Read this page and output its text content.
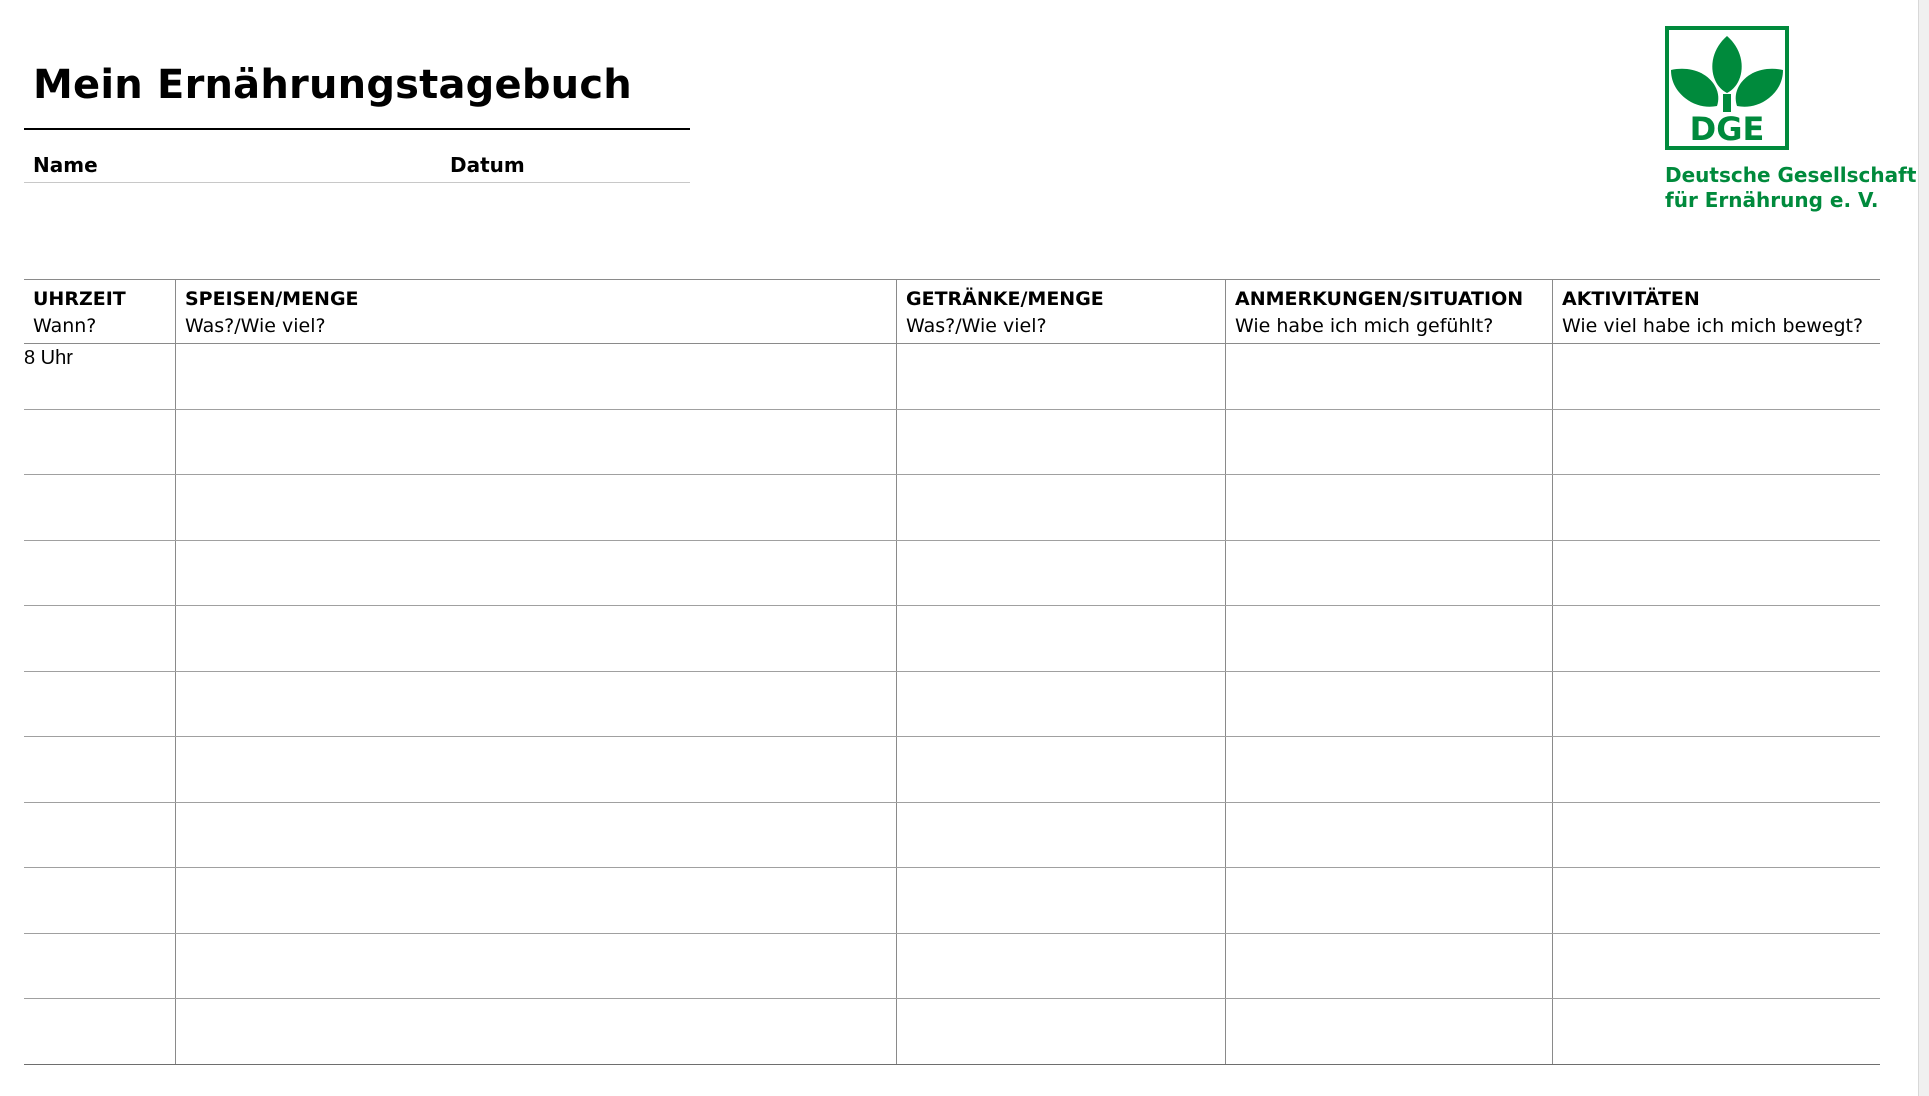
Mein Ernährungstagebuch
Name	Datum
DGE
Deutsche Gesellschaft
für Ernährung e. V.
UHRZEIT
Wann?
SPEISEN/MENGE
Was?/Wie viel?
GETRÄNKE/MENGE
Was?/Wie viel?
ANMERKUNGEN/SITUATION
Wie habe ich mich gefühlt?
AKTIVITÄTEN
Wie viel habe ich mich bewegt?
8 Uhr
